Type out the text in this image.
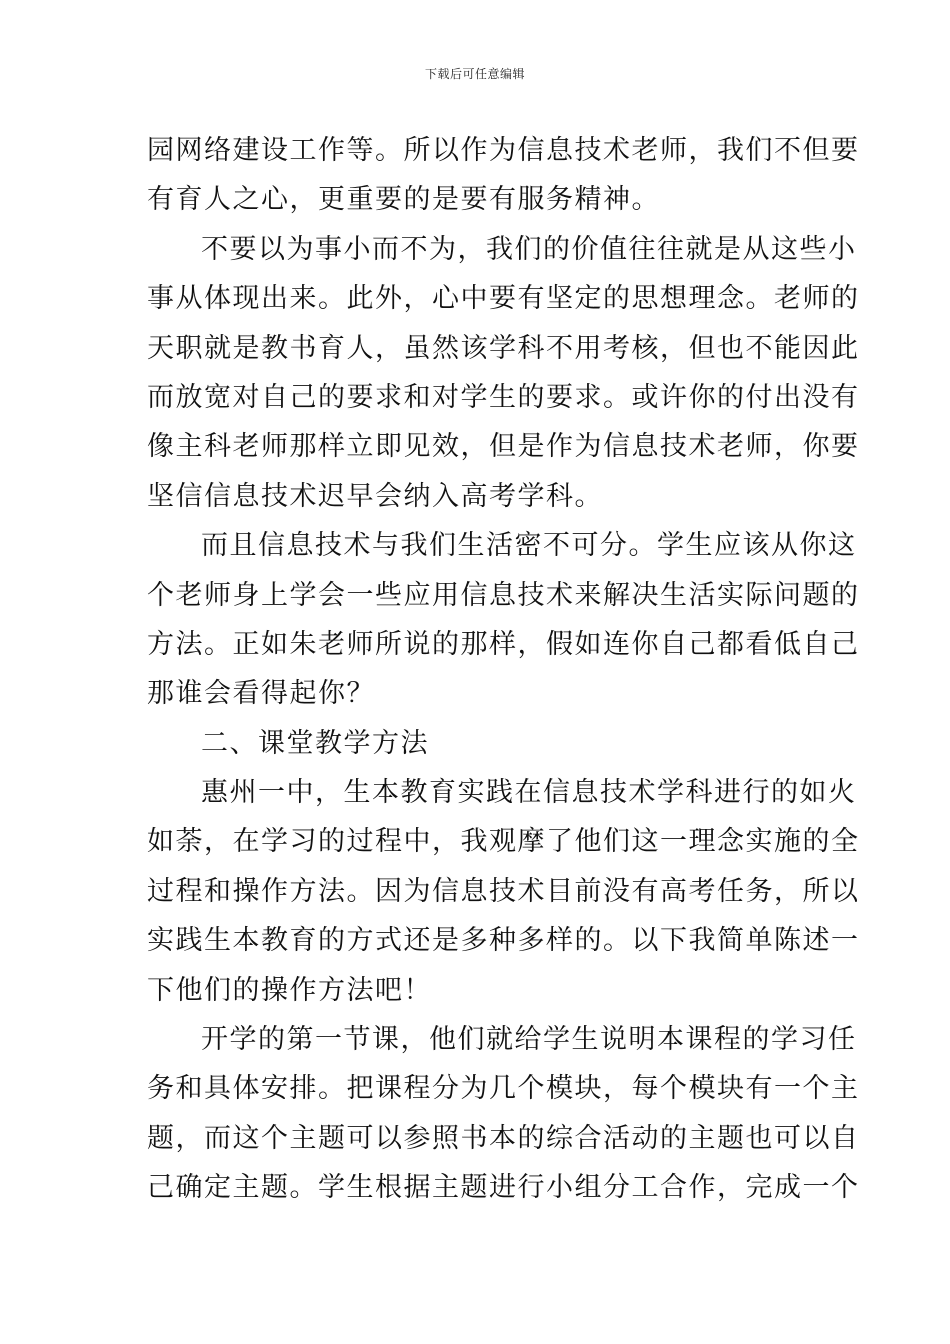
下载后可任意编辑
园网络建设工作等。所以作为信息技术老师，我们不但要
有育人之心，更重要的是要有服务精神。
不要以为事小而不为，我们的价值往往就是从这些小
事从体现出来。此外，心中要有坚定的思想理念。老师的
天职就是教书育人，虽然该学科不用考核，但也不能因此
而放宽对自己的要求和对学生的要求。或许你的付出没有
像主科老师那样立即见效，但是作为信息技术老师，你要
坚信信息技术迟早会纳入高考学科。
而且信息技术与我们生活密不可分。学生应该从你这
个老师身上学会一些应用信息技术来解决生活实际问题的
方法。正如朱老师所说的那样，假如连你自己都看低自己
那谁会看得起你？
二、课堂教学方法
惠州一中，生本教育实践在信息技术学科进行的如火
如荼，在学习的过程中，我观摩了他们这一理念实施的全
过程和操作方法。因为信息技术目前没有高考任务，所以
实践生本教育的方式还是多种多样的。以下我简单陈述一
下他们的操作方法吧！
开学的第一节课，他们就给学生说明本课程的学习任
务和具体安排。把课程分为几个模块，每个模块有一个主
题，而这个主题可以参照书本的综合活动的主题也可以自
己确定主题。学生根据主题进行小组分工合作，完成一个
